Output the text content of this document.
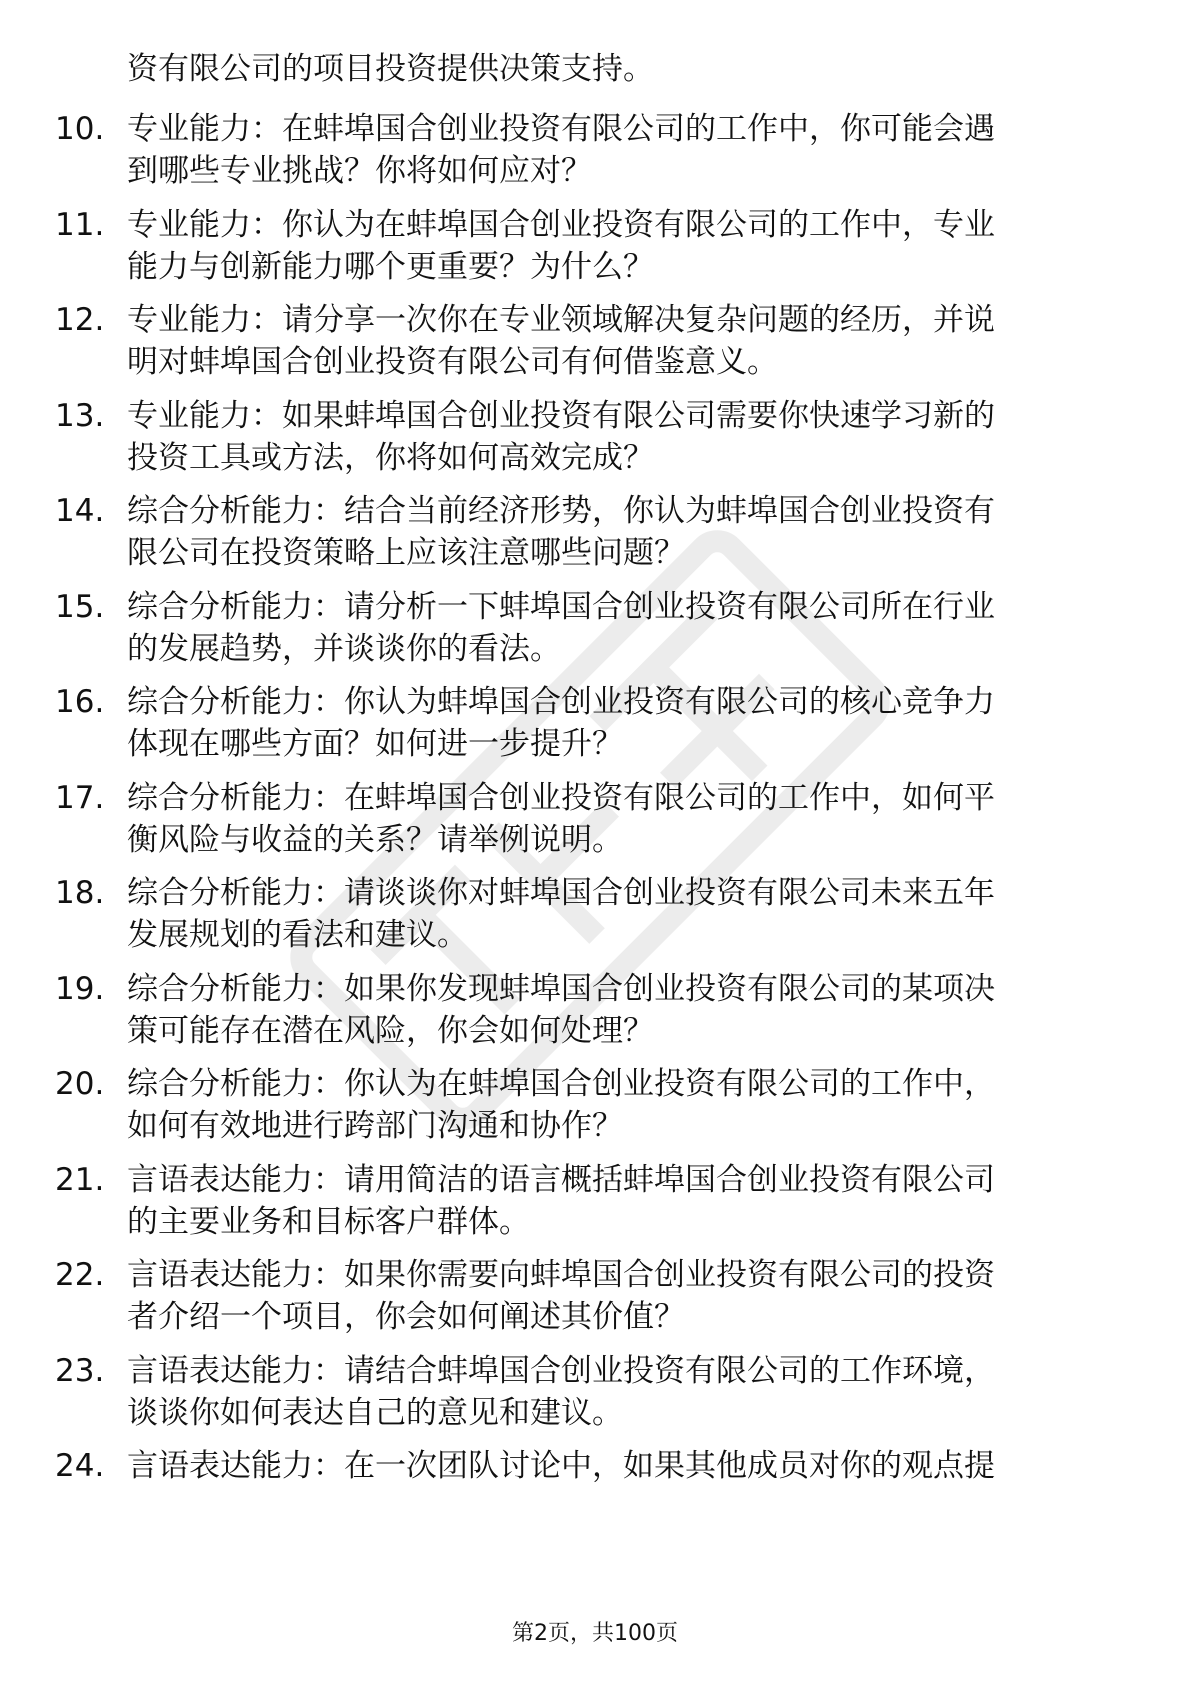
资有限公司的项目投资提供决策支持。
10. 专业能力：在蚌埠国合创业投资有限公司的工作中，你可能会遇
到哪些专业挑战？你将如何应对？
11. 专业能力：你认为在蚌埠国合创业投资有限公司的工作中，专业
能力与创新能力哪个更重要？为什么？
12. 专业能力：请分享一次你在专业领域解决复杂问题的经历，并说
明对蚌埠国合创业投资有限公司有何借鉴意义。
13. 专业能力：如果蚌埠国合创业投资有限公司需要你快速学习新的
投资工具或方法，你将如何高效完成？
14. 综合分析能力：结合当前经济形势，你认为蚌埠国合创业投资有
限公司在投资策略上应该注意哪些问题？
15. 综合分析能力：请分析一下蚌埠国合创业投资有限公司所在行业
的发展趋势，并谈谈你的看法。
16. 综合分析能力：你认为蚌埠国合创业投资有限公司的核心竞争力
体现在哪些方面？如何进一步提升？
17. 综合分析能力：在蚌埠国合创业投资有限公司的工作中，如何平
衡风险与收益的关系？请举例说明。
18. 综合分析能力：请谈谈你对蚌埠国合创业投资有限公司未来五年
发展规划的看法和建议。
19. 综合分析能力：如果你发现蚌埠国合创业投资有限公司的某项决
策可能存在潜在风险，你会如何处理？
20. 综合分析能力：你认为在蚌埠国合创业投资有限公司的工作中，
如何有效地进行跨部门沟通和协作？
21. 言语表达能力：请用简洁的语言概括蚌埠国合创业投资有限公司
的主要业务和目标客户群体。
22. 言语表达能力：如果你需要向蚌埠国合创业投资有限公司的投资
者介绍一个项目，你会如何阐述其价值？
23. 言语表达能力：请结合蚌埠国合创业投资有限公司的工作环境，
谈谈你如何表达自己的意见和建议。
24. 言语表达能力：在一次团队讨论中，如果其他成员对你的观点提
第2页，共100页
